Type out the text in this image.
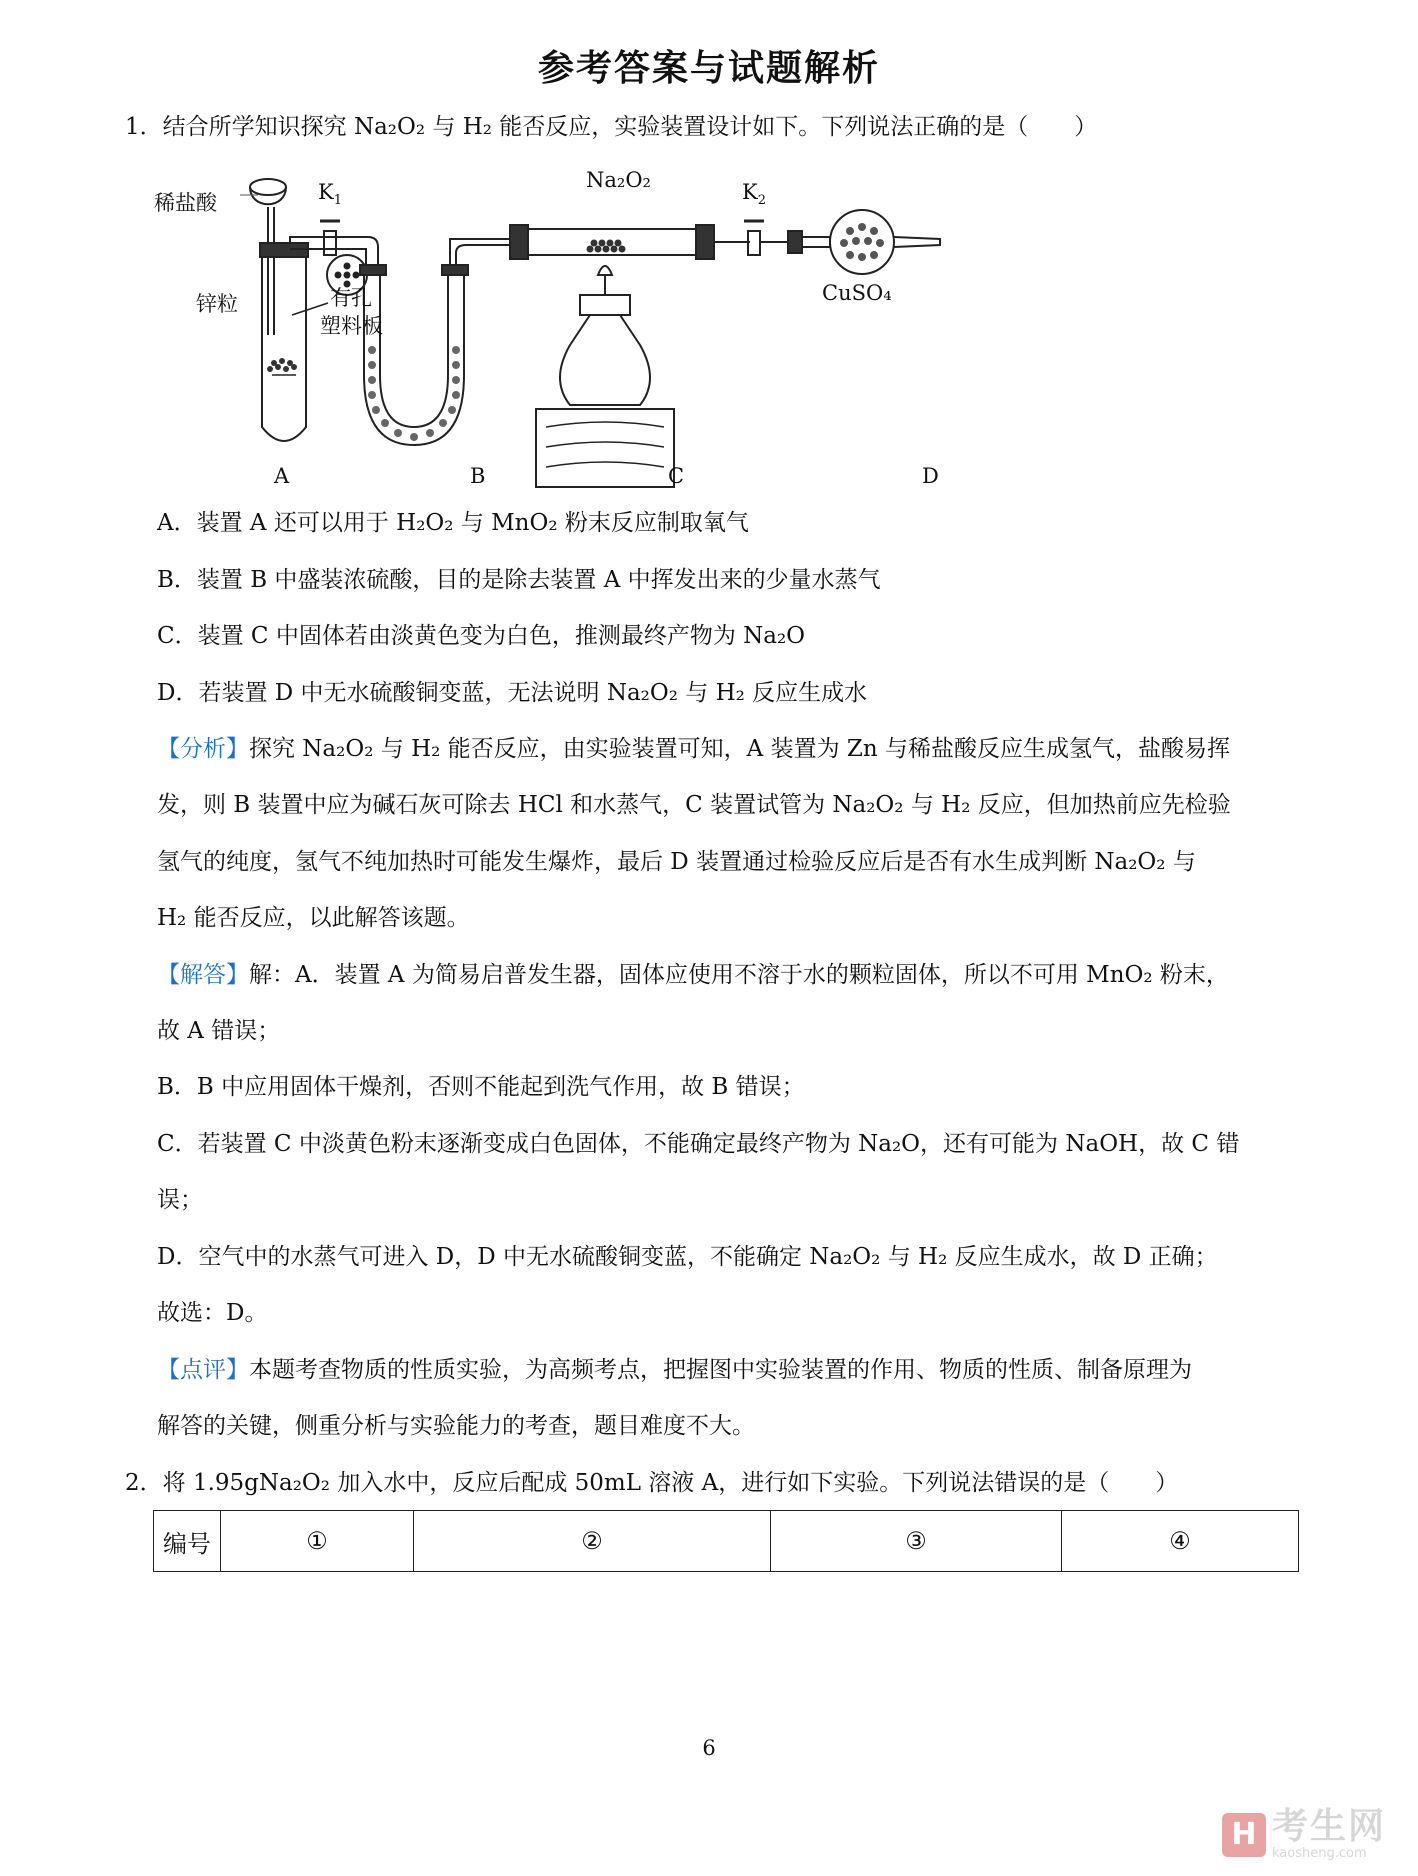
参考答案与试题解析
1．结合所学知识探究 Na₂O₂ 与 H₂ 能否反应，实验装置设计如下。下列说法正确的是（　　）
稀盐酸	$K_1$
锌粒	有孔
塑料板
Na₂O₂	$K_2$
CuSO₄
A	B	C	D
A．装置 A 还可以用于 H₂O₂ 与 MnO₂ 粉末反应制取氧气
B．装置 B 中盛装浓硫酸，目的是除去装置 A 中挥发出来的少量水蒸气
C．装置 C 中固体若由淡黄色变为白色，推测最终产物为 Na₂O
D．若装置 D 中无水硫酸铜变蓝，无法说明 Na₂O₂ 与 H₂ 反应生成水
【分析】探究 Na₂O₂ 与 H₂ 能否反应，由实验装置可知，A 装置为 Zn 与稀盐酸反应生成氢气，盐酸易挥
发，则 B 装置中应为碱石灰可除去 HCl 和水蒸气，C 装置试管为 Na₂O₂ 与 H₂ 反应，但加热前应先检验
氢气的纯度，氢气不纯加热时可能发生爆炸，最后 D 装置通过检验反应后是否有水生成判断 Na₂O₂ 与
H₂ 能否反应，以此解答该题。
【解答】解：A．装置 A 为简易启普发生器，固体应使用不溶于水的颗粒固体，所以不可用 MnO₂ 粉末，
故 A 错误；
B．B 中应用固体干燥剂，否则不能起到洗气作用，故 B 错误；
C．若装置 C 中淡黄色粉末逐渐变成白色固体，不能确定最终产物为 Na₂O，还有可能为 NaOH，故 C 错
误；
D．空气中的水蒸气可进入 D，D 中无水硫酸铜变蓝，不能确定 Na₂O₂ 与 H₂ 反应生成水，故 D 正确；
故选：D。
【点评】本题考查物质的性质实验，为高频考点，把握图中实验装置的作用、物质的性质、制备原理为
解答的关键，侧重分析与实验能力的考查，题目难度不大。
2．将 1.95gNa₂O₂ 加入水中，反应后配成 50mL 溶液 A，进行如下实验。下列说法错误的是（　　）
编号	①	②	③	④
6
H 考生网
kaosheng.com
